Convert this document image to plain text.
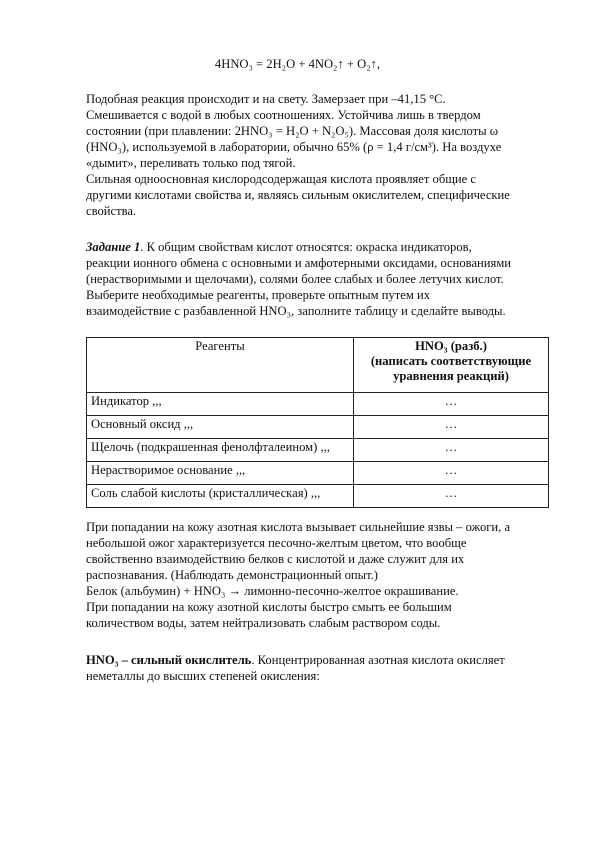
4HNO₃ = 2H₂O + 4NO₂↑ + O₂↑,
Подобная реакция происходит и на свету. Замерзает при –41,15 °С.
Смешивается с водой в любых соотношениях. Устойчива лишь в твердом
состоянии (при плавлении: 2HNO₃ = H₂O + N₂O₅). Массовая доля кислоты ω
(HNO₃), используемой в лаборатории, обычно 65% (ρ = 1,4 г/см³). На воздухе
«дымит», переливать только под тягой.
Сильная одноосновная кислородсодержащая кислота проявляет общие с
другими кислотами свойства и, являясь сильным окислителем, специфические
свойства.
Задание 1. К общим свойствам кислот относятся: окраска индикаторов,
реакции ионного обмена с основными и амфотерными оксидами, основаниями
(нерастворимыми и щелочами), солями более слабых и более летучих кислот.
Выберите необходимые реагенты, проверьте опытным путем их
взаимодействие с разбавленной HNO₃, заполните таблицу и сделайте выводы.
Реагенты	HNO₃ (разб.)
(написать соответствующие
уравнения реакций)

Индикатор ,,,	…
Основный оксид ,,,	…
Щелочь (подкрашенная фенолфталеином) ,,,	…
Нерастворимое основание ,,,	…
Соль слабой кислоты (кристаллическая) ,,,	…
При попадании на кожу азотная кислота вызывает сильнейшие язвы – ожоги, а
небольшой ожог характеризуется песочно-желтым цветом, что вообще
свойственно взаимодействию белков с кислотой и даже служит для их
распознавания. (Наблюдать демонстрационный опыт.)
Белок (альбумин) + HNO₃ → лимонно-песочно-желтое окрашивание.
При попадании на кожу азотной кислоты быстро смыть ее большим
количеством воды, затем нейтрализовать слабым раствором соды.
HNO₃ – сильный окислитель. Концентрированная азотная кислота окисляет
неметаллы до высших степеней окисления:
